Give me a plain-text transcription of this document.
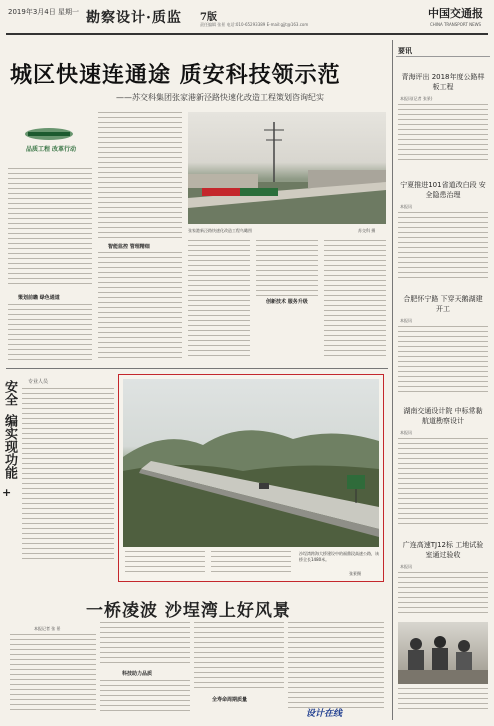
2019年3月4日 星期一 勘察设计·质监 7版
责任编辑 张景 电话:010-65293389 E-mail:gjjt@163.com
中国交通报
CHINA TRANSPORT NEWS
城区快速连通途 质安科技领示范
——苏交科集团张家港新泾路快速化改造工程策划咨询纪实
品质工程 改革行动
策划前瞻 绿色通道
智能监控 管理精细
张家港新泾路快速化改造工程鸟瞰图	苏交科 摄
创新技术 服务升级
安全
编实现功能
+
专业人员
沙埕湾跨海大桥建设中的福鼎段高速公路，该桥全长1480米。
张景摄
一桥凌波 沙埕湾上好风景
本报记者 张 景
科技助力品质
全寿命周期质量
设计在线
要讯
青海评出 2018年度公路样板工程
本报讯(记者 张景)
宁夏推进101省道改白段 安全隐患治理
本报讯
合肥怀宁路 下穿天鹅湖建开工
本报讯
湖南交通设计院 中标常黏航道勘察设计
本报讯
广连高速TJ12标 工地试验室通过验收
本报讯
